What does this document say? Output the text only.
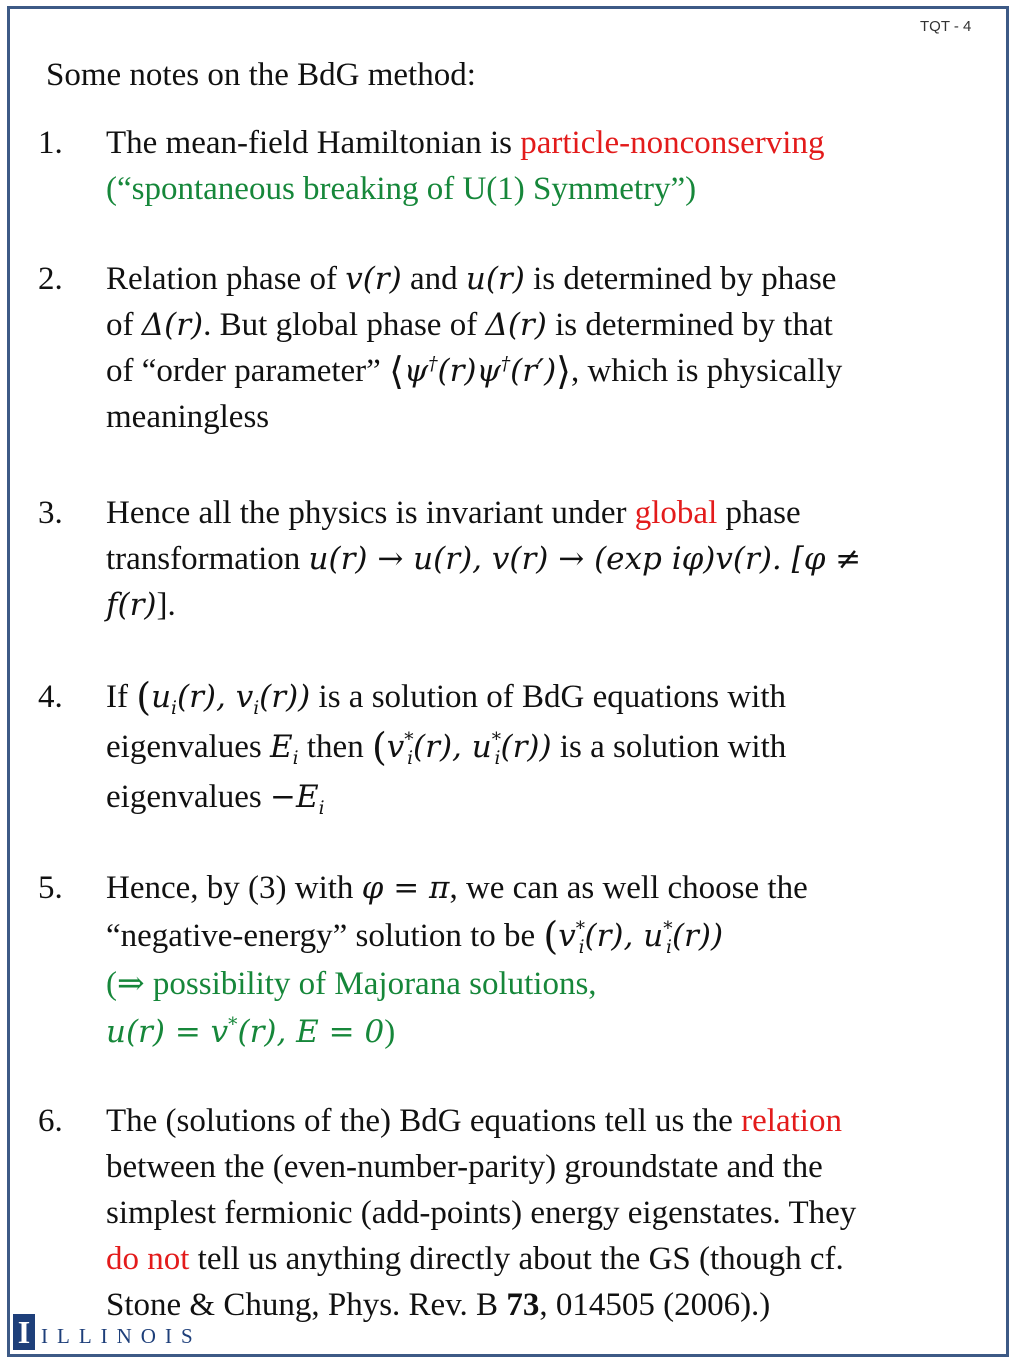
TQT - 4
Some notes on the BdG method:
1. The mean-field Hamiltonian is particle-nonconserving
(“spontaneous breaking of U(1) Symmetry”)
2. Relation phase of v(r) and u(r) is determined by phase
of Δ(r). But global phase of Δ(r) is determined by that
of “order parameter” ⟨ψ†(r)ψ†(r′)⟩, which is physically
meaningless
3. Hence all the physics is invariant under global phase
transformation u(r) → u(r), v(r) → (exp iφ)v(r). [φ ≠
f(r)].
4. If ($u_i(r)$, $v_i(r)$) is a solution of BdG equations with
eigenvalues $E_i$ then ($v^*_i(r)$, $u^*_i(r)$) is a solution with
eigenvalues $-E_i$
5. Hence, by (3) with φ = π, we can as well choose the
“negative-energy” solution to be ($v^*_i(r)$, $u^*_i(r)$)
(⇒ possibility of Majorana solutions,
u(r) = v*(r), E = 0)
6. The (solutions of the) BdG equations tell us the relation
between the (even-number-parity) groundstate and the
simplest fermionic (add-points) energy eigenstates. They
do not tell us anything directly about the GS (though cf.
Stone & Chung, Phys. Rev. B 73, 014505 (2006).)
I ILLINOIS
